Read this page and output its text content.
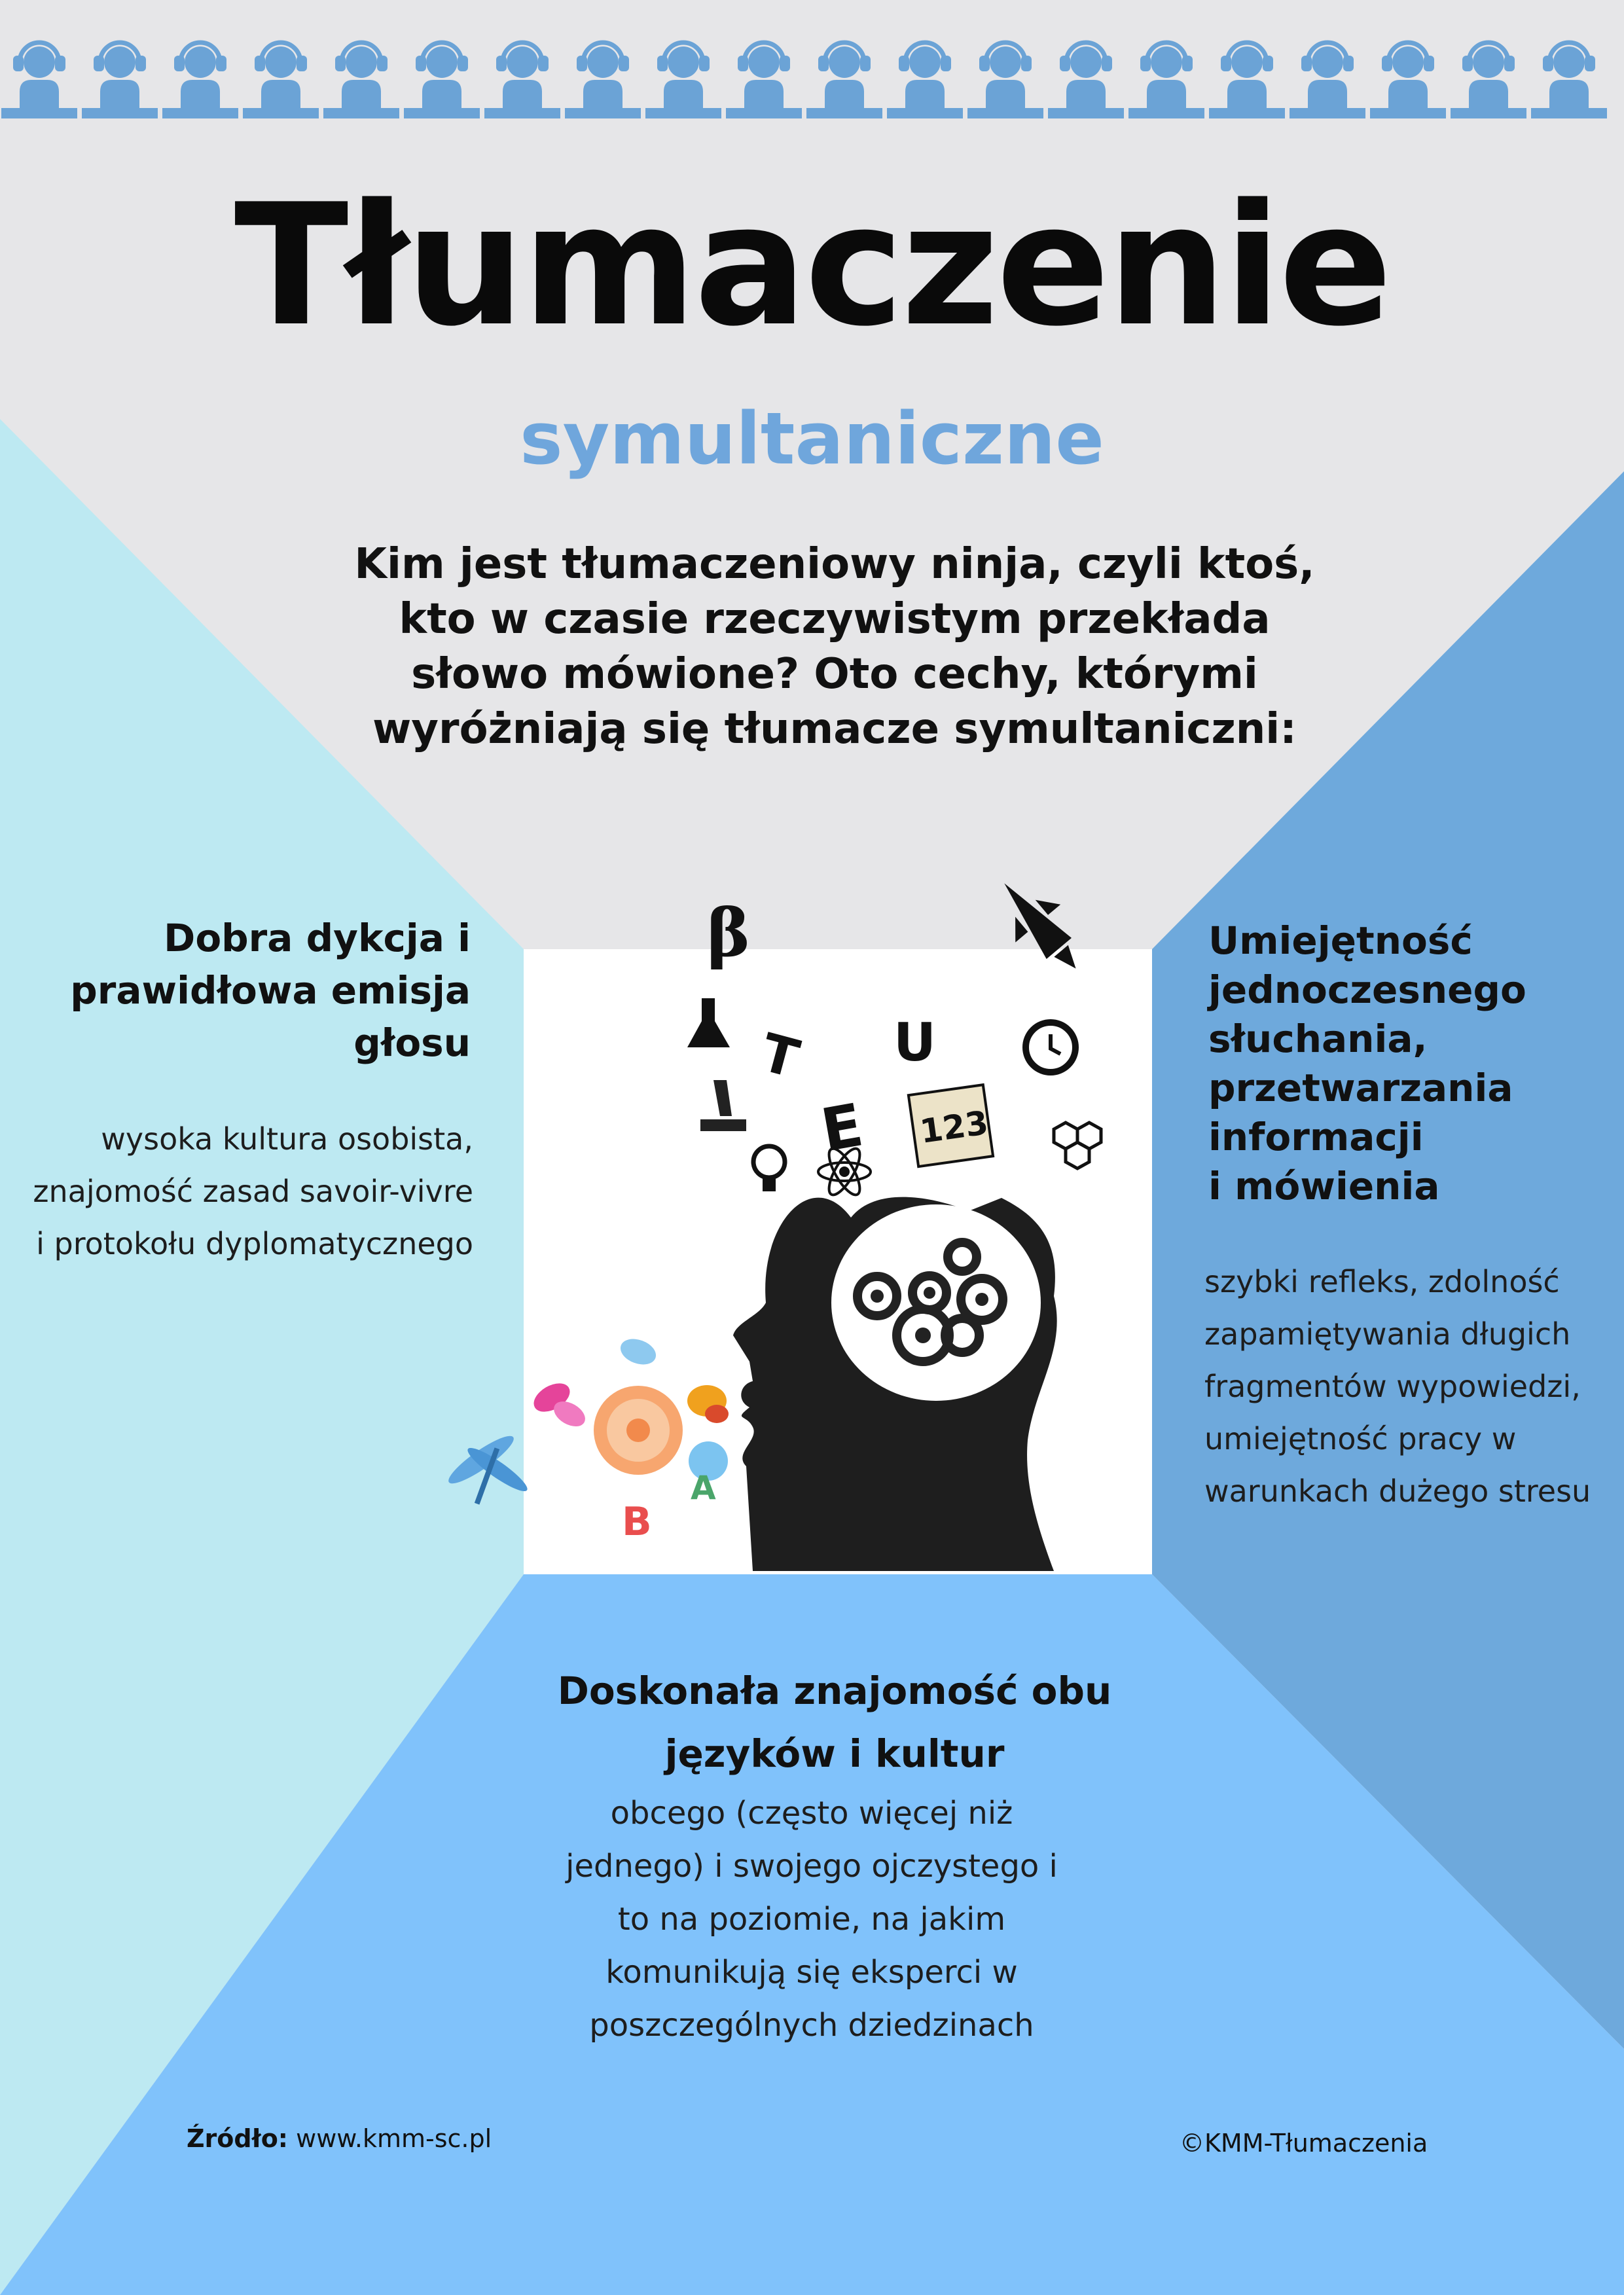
Tłumaczenie
symultaniczne
Kim jest tłumaczeniowy ninja, czyli ktoś,
kto w czasie rzeczywistym przekłada
słowo mówione? Oto cechy, którymi
wyróżniają się tłumacze symultaniczni:
Dobra dykcja i
prawidłowa emisja
głosu
wysoka kultura osobista,
znajomość zasad savoir-vivre
i protokołu dyplomatycznego
Umiejętność
jednoczesnego
słuchania,
przetwarzania
informacji
i mówienia
szybki refleks, zdolność
zapamiętywania długich
fragmentów wypowiedzi,
umiejętność pracy w
warunkach dużego stresu
Doskonała znajomość obu
języków i kultur
obcego (często więcej niż
jednego) i swojego ojczystego i
to na poziomie, na jakim
komunikują się eksperci w
poszczególnych dziedzinach
Źródło: www.kmm-sc.pl	©KMM-Tłumaczenia
β
T U
E 123
B
A
